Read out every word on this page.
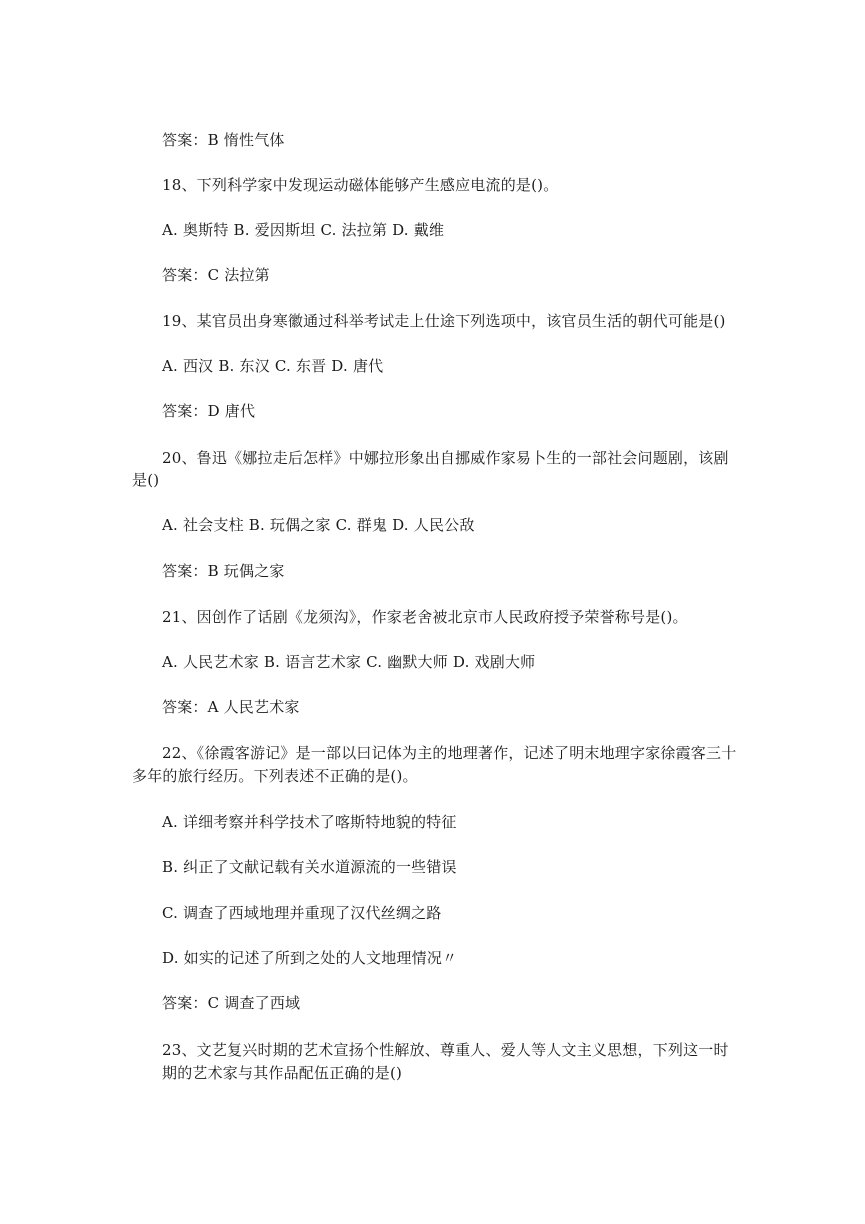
答案：B 惰性气体
18、下列科学家中发现运动磁体能够产生感应电流的是()。
A. 奥斯特 B. 爱因斯坦 C. 法拉第 D. 戴维
答案：C 法拉第
19、某官员出身寒徽通过科举考试走上仕途下列选项中，该官员生活的朝代可能是()
A. 西汉 B. 东汉 C. 东晋 D. 唐代
答案：D 唐代
20、鲁迅《娜拉走后怎样》中娜拉形象出自挪威作家易卜生的一部社会问题剧，该剧
是()
A. 社会支柱 B. 玩偶之家 C. 群鬼 D. 人民公敌
答案：B 玩偶之家
21、因创作了话剧《龙须沟》，作家老舍被北京市人民政府授予荣誉称号是()。
A. 人民艺术家 B. 语言艺术家 C. 幽默大师 D. 戏剧大师
答案：A 人民艺术家
22、《徐霞客游记》是一部以曰记体为主的地理著作，记述了明末地理字家徐霞客三十
多年的旅行经历。下列表述不正确的是()。
A. 详细考察并科学技术了喀斯特地貌的特征
B. 纠正了文献记载有关水道源流的一些错误
C. 调查了西域地理并重现了汉代丝绸之路
D. 如实的记述了所到之处的人文地理情况〃
答案：C 调查了西域
23、文艺复兴时期的艺术宣扬个性解放、尊重人、爱人等人文主义思想，下列这一时
期的艺术家与其作品配伍正确的是()
